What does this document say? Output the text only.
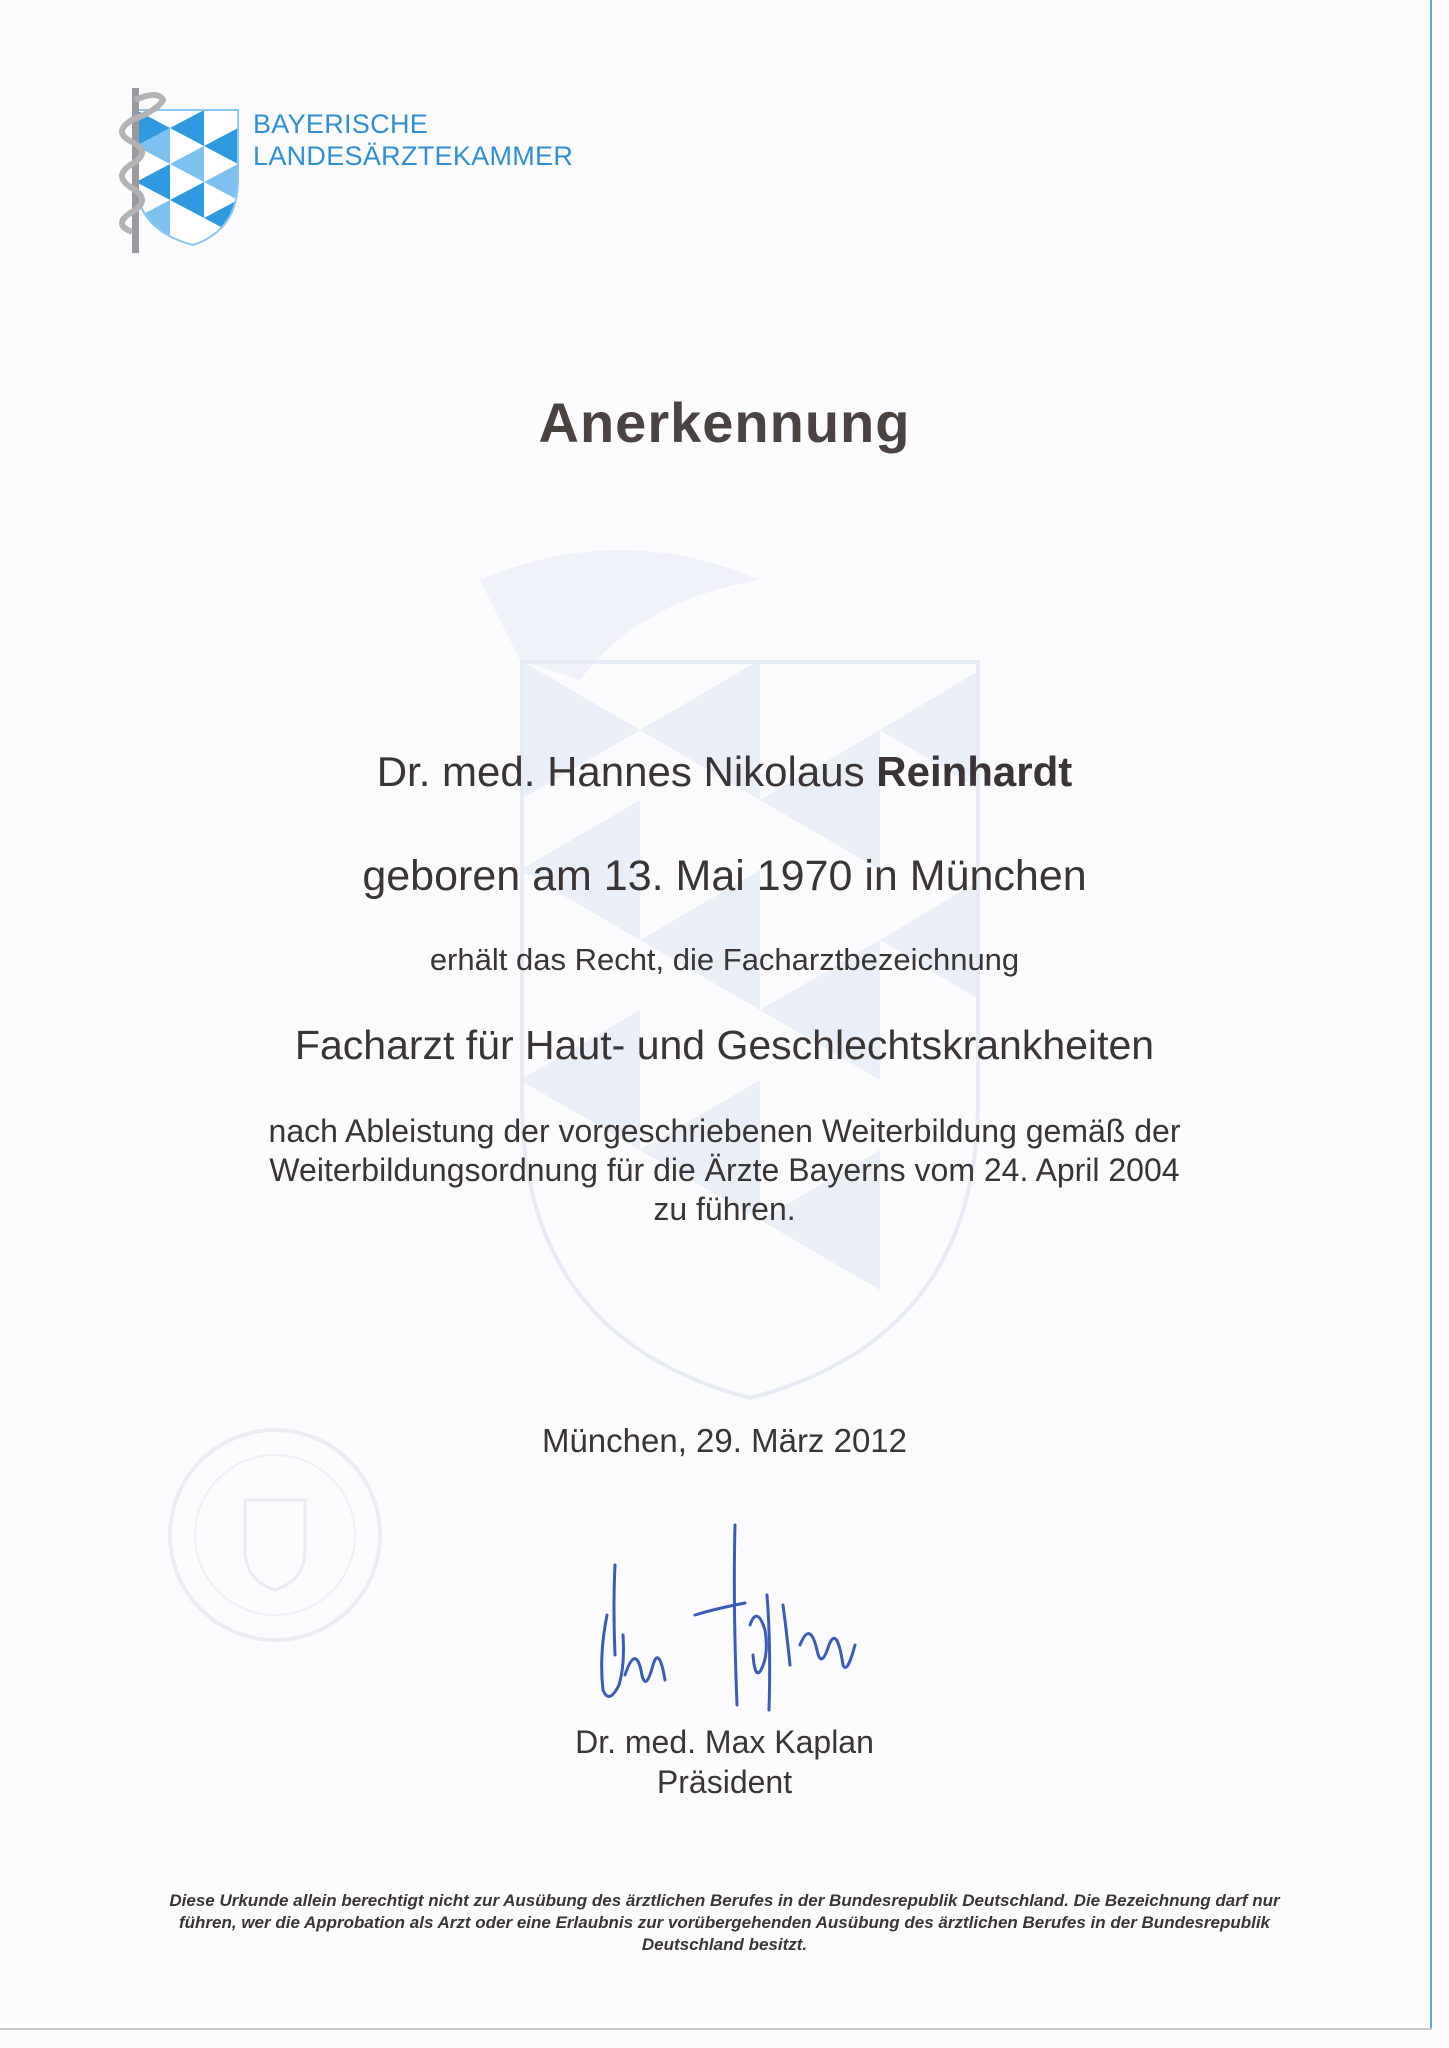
BAYERISCHE
LANDESÄRZTEKAMMER
Anerkennung
Dr. med. Hannes Nikolaus Reinhardt
geboren am 13. Mai 1970 in München
erhält das Recht, die Facharztbezeichnung
Facharzt für Haut- und Geschlechtskrankheiten
nach Ableistung der vorgeschriebenen Weiterbildung gemäß der
Weiterbildungsordnung für die Ärzte Bayerns vom 24. April 2004
zu führen.
München, 29. März 2012
Dr. med. Max Kaplan
Präsident
Diese Urkunde allein berechtigt nicht zur Ausübung des ärztlichen Berufes in der Bundesrepublik Deutschland. Die Bezeichnung darf nur führen, wer die Approbation als Arzt oder eine Erlaubnis zur vorübergehenden Ausübung des ärztlichen Berufes in der Bundesrepublik Deutschland besitzt.
